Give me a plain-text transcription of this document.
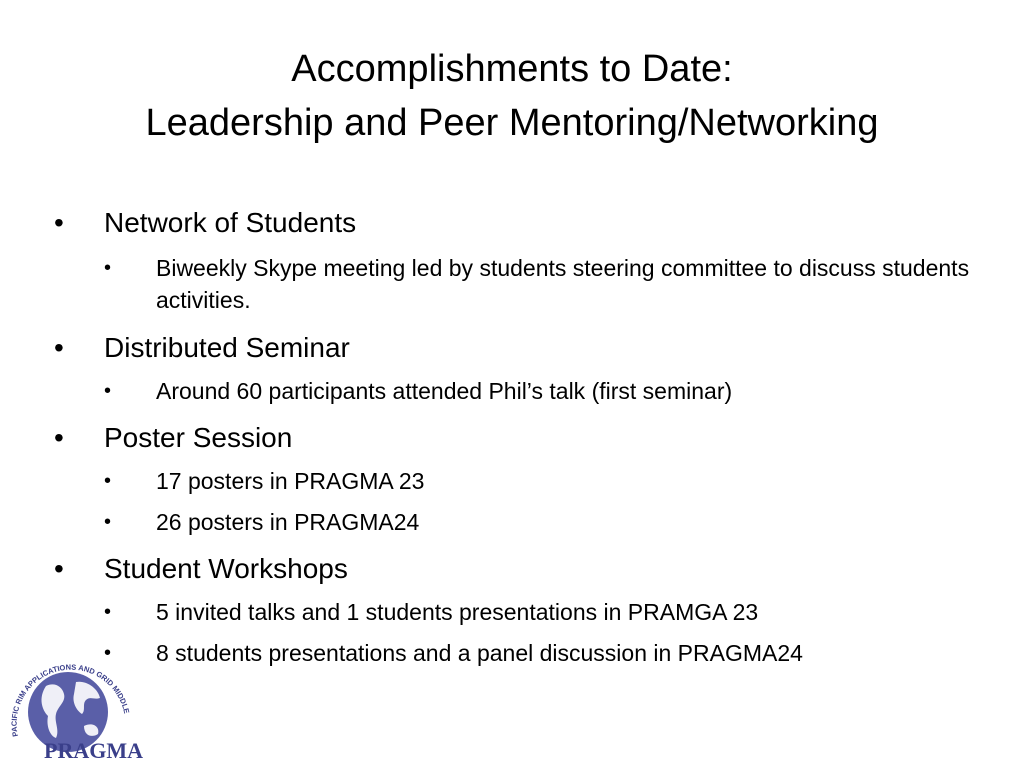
Accomplishments to Date:
Leadership and Peer Mentoring/Networking
• Network of Students
• Biweekly Skype meeting led by students steering committee to discuss students activities.
• Distributed Seminar
• Around 60 participants attended Phil’s talk (first seminar)
• Poster Session
• 17 posters in PRAGMA 23
• 26 posters in PRAGMA24
• Student Workshops
• 5 invited talks and 1 students presentations in PRAMGA 23
• 8 students presentations and a panel discussion in PRAGMA24
PACIFIC RIM APPLICATIONS AND GRID MIDDLE
PRAGMA
